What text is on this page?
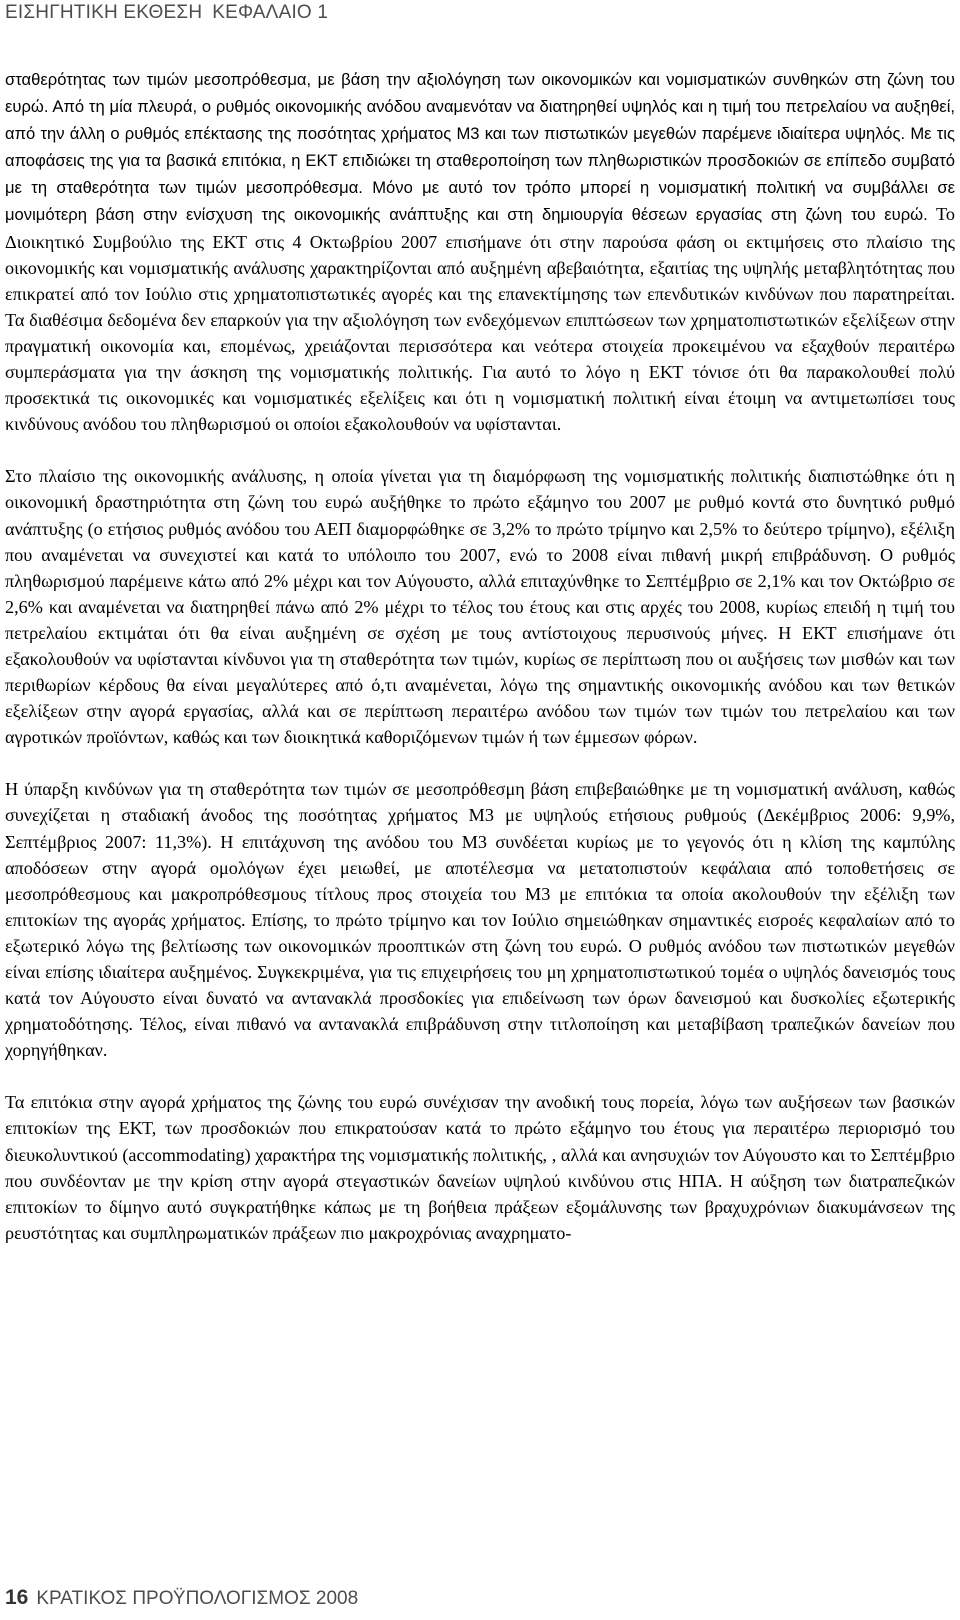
ΕΙΣΗΓΗΤΙΚΗ ΕΚΘΕΣΗ ΚΕΦΑΛΑΙΟ 1

σταθερότητας των τιμών μεσοπρόθεσμα, με βάση την αξιολόγηση των οικονομικών και νομισματικών συνθηκών στη ζώνη του ευρώ. Από τη μία πλευρά, ο ρυθμός οικονομικής ανόδου αναμενόταν να διατηρηθεί υψηλός και η τιμή του πετρελαίου να αυξηθεί, από την άλλη ο ρυθμός επέκτασης της ποσότητας χρήματος Μ3 και των πιστωτικών μεγεθών παρέμενε ιδιαίτερα υψηλός. Με τις αποφάσεις της για τα βασικά επιτόκια, η ΕΚΤ επιδιώκει τη σταθεροποίηση των πληθωριστικών προσδοκιών σε επίπεδο συμβατό με τη σταθερότητα των τιμών μεσοπρόθεσμα. Μόνο με αυτό τον τρόπο μπορεί η νομισματική πολιτική να συμβάλλει σε μονιμότερη βάση στην ενίσχυση της οικονομικής ανάπτυξης και στη δημιουργία θέσεων εργασίας στη ζώνη του ευρώ. Το Διοικητικό Συμβούλιο της ΕΚΤ στις 4 Οκτωβρίου 2007 επισήμανε ότι στην παρούσα φάση οι εκτιμήσεις στο πλαίσιο της οικονομικής και νομισματικής ανάλυσης χαρακτηρίζονται από αυξημένη αβεβαιότητα, εξαιτίας της υψηλής μεταβλητότητας που επικρατεί από τον Ιούλιο στις χρηματοπιστωτικές αγορές και της επανεκτίμησης των επενδυτικών κινδύνων που παρατηρείται. Τα διαθέσιμα δεδομένα δεν επαρκούν για την αξιολόγηση των ενδεχόμενων επιπτώσεων των χρηματοπιστωτικών εξελίξεων στην πραγματική οικονομία και, επομένως, χρειάζονται περισσότερα και νεότερα στοιχεία προκειμένου να εξαχθούν περαιτέρω συμπεράσματα για την άσκηση της νομισματικής πολιτικής. Για αυτό το λόγο η ΕΚΤ τόνισε ότι θα παρακολουθεί πολύ προσεκτικά τις οικονομικές και νομισματικές εξελίξεις και ότι η νομισματική πολιτική είναι έτοιμη να αντιμετωπίσει τους κινδύνους ανόδου του πληθωρισμού οι οποίοι εξακολουθούν να υφίστανται.

Στο πλαίσιο της οικονομικής ανάλυσης, η οποία γίνεται για τη διαμόρφωση της νομισματικής πολιτικής διαπιστώθηκε ότι η οικονομική δραστηριότητα στη ζώνη του ευρώ αυξήθηκε το πρώτο εξάμηνο του 2007 με ρυθμό κοντά στο δυνητικό ρυθμό ανάπτυξης (ο ετήσιος ρυθμός ανόδου του ΑΕΠ διαμορφώθηκε σε 3,2% το πρώτο τρίμηνο και 2,5% το δεύτερο τρίμηνο), εξέλιξη που αναμένεται να συνεχιστεί και κατά το υπόλοιπο του 2007, ενώ το 2008 είναι πιθανή μικρή επιβράδυνση. Ο ρυθμός πληθωρισμού παρέμεινε κάτω από 2% μέχρι και τον Αύγουστο, αλλά επιταχύνθηκε το Σεπτέμβριο σε 2,1% και τον Οκτώβριο σε 2,6% και αναμένεται να διατηρηθεί πάνω από 2% μέχρι το τέλος του έτους και στις αρχές του 2008, κυρίως επειδή η τιμή του πετρελαίου εκτιμάται ότι θα είναι αυξημένη σε σχέση με τους αντίστοιχους περυσινούς μήνες. Η ΕΚΤ επισήμανε ότι εξακολουθούν να υφίστανται κίνδυνοι για τη σταθερότητα των τιμών, κυρίως σε περίπτωση που οι αυξήσεις των μισθών και των περιθωρίων κέρδους θα είναι μεγαλύτερες από ό,τι αναμένεται, λόγω της σημαντικής οικονομικής ανόδου και των θετικών εξελίξεων στην αγορά εργασίας, αλλά και σε περίπτωση περαιτέρω ανόδου των τιμών των τιμών του πετρελαίου και των αγροτικών προϊόντων, καθώς και των διοικητικά καθοριζόμενων τιμών ή των έμμεσων φόρων.

Η ύπαρξη κινδύνων για τη σταθερότητα των τιμών σε μεσοπρόθεσμη βάση επιβεβαιώθηκε με τη νομισματική ανάλυση, καθώς συνεχίζεται η σταδιακή άνοδος της ποσότητας χρήματος Μ3 με υψηλούς ετήσιους ρυθμούς (Δεκέμβριος 2006: 9,9%, Σεπτέμβριος 2007: 11,3%). Η επιτάχυνση της ανόδου του Μ3 συνδέεται κυρίως με το γεγονός ότι η κλίση της καμπύλης αποδόσεων στην αγορά ομολόγων έχει μειωθεί, με αποτέλεσμα να μετατοπιστούν κεφάλαια από τοποθετήσεις σε μεσοπρόθεσμους και μακροπρόθεσμους τίτλους προς στοιχεία του Μ3 με επιτόκια τα οποία ακολουθούν την εξέλιξη των επιτοκίων της αγοράς χρήματος. Επίσης, το πρώτο τρίμηνο και τον Ιούλιο σημειώθηκαν σημαντικές εισροές κεφαλαίων από το εξωτερικό λόγω της βελτίωσης των οικονομικών προοπτικών στη ζώνη του ευρώ. Ο ρυθμός ανόδου των πιστωτικών μεγεθών είναι επίσης ιδιαίτερα αυξημένος. Συγκεκριμένα, για τις επιχειρήσεις του μη χρηματοπιστωτικού τομέα ο υψηλός δανεισμός τους κατά τον Αύγουστο είναι δυνατό να αντανακλά προσδοκίες για επιδείνωση των όρων δανεισμού και δυσκολίες εξωτερικής χρηματοδότησης. Τέλος, είναι πιθανό να αντανακλά επιβράδυνση στην τιτλοποίηση και μεταβίβαση τραπεζικών δανείων που χορηγήθηκαν.

Τα επιτόκια στην αγορά χρήματος της ζώνης του ευρώ συνέχισαν την ανοδική τους πορεία, λόγω των αυξήσεων των βασικών επιτοκίων της ΕΚΤ, των προσδοκιών που επικρατούσαν κατά το πρώτο εξάμηνο του έτους για περαιτέρω περιορισμό του διευκολυντικού (accommodating) χαρακτήρα της νομισματικής πολιτικής, , αλλά και ανησυχιών τον Αύγουστο και το Σεπτέμβριο που συνδέονταν με την κρίση στην αγορά στεγαστικών δανείων υψηλού κινδύνου στις ΗΠΑ. Η αύξηση των διατραπεζικών επιτοκίων το δίμηνο αυτό συγκρατήθηκε κάπως με τη βοήθεια πράξεων εξομάλυνσης των βραχυχρόνιων διακυμάνσεων της ρευστότητας και συμπληρωματικών πράξεων πιο μακροχρόνιας αναχρηματο-

16 ΚΡΑΤΙΚΟΣ ΠΡΟΫΠΟΛΟΓΙΣΜΟΣ 2008
